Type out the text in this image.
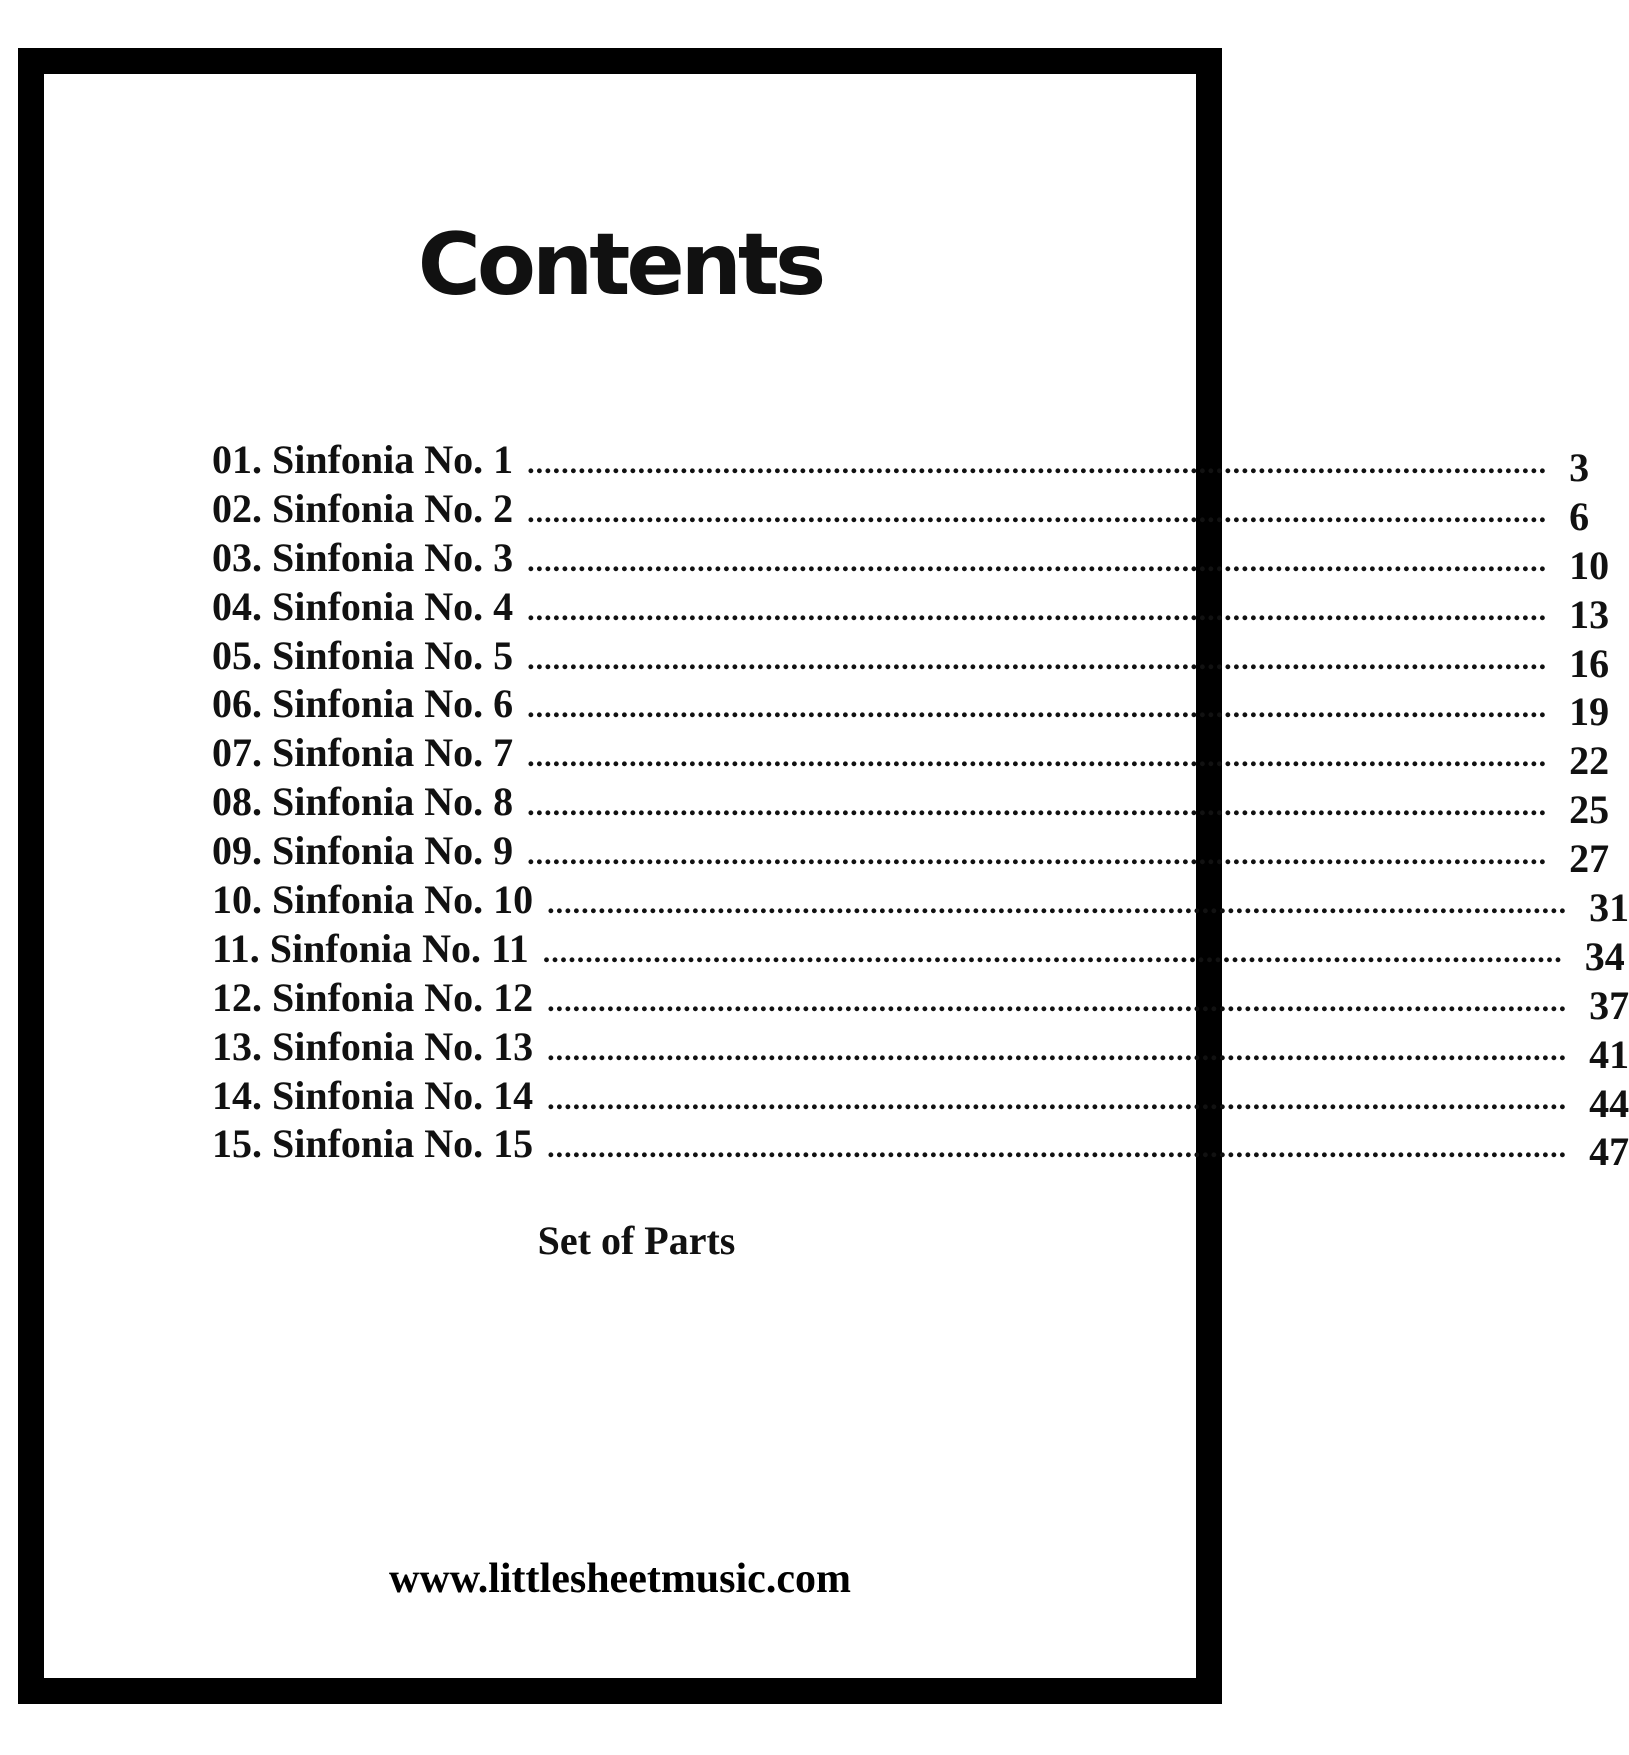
Contents
01. Sinfonia No. 1 ........................................................................................................................ 3
02. Sinfonia No. 2 ........................................................................................................................ 6
03. Sinfonia No. 3 ........................................................................................................................ 10
04. Sinfonia No. 4 ........................................................................................................................ 13
05. Sinfonia No. 5 ........................................................................................................................ 16
06. Sinfonia No. 6 ........................................................................................................................ 19
07. Sinfonia No. 7 ........................................................................................................................ 22
08. Sinfonia No. 8 ........................................................................................................................ 25
09. Sinfonia No. 9 ........................................................................................................................ 27
10. Sinfonia No. 10 ........................................................................................................................ 31
11. Sinfonia No. 11 ........................................................................................................................ 34
12. Sinfonia No. 12 ........................................................................................................................ 37
13. Sinfonia No. 13 ........................................................................................................................ 41
14. Sinfonia No. 14 ........................................................................................................................ 44
15. Sinfonia No. 15 ........................................................................................................................ 47
Set of Parts
www.littlesheetmusic.com
